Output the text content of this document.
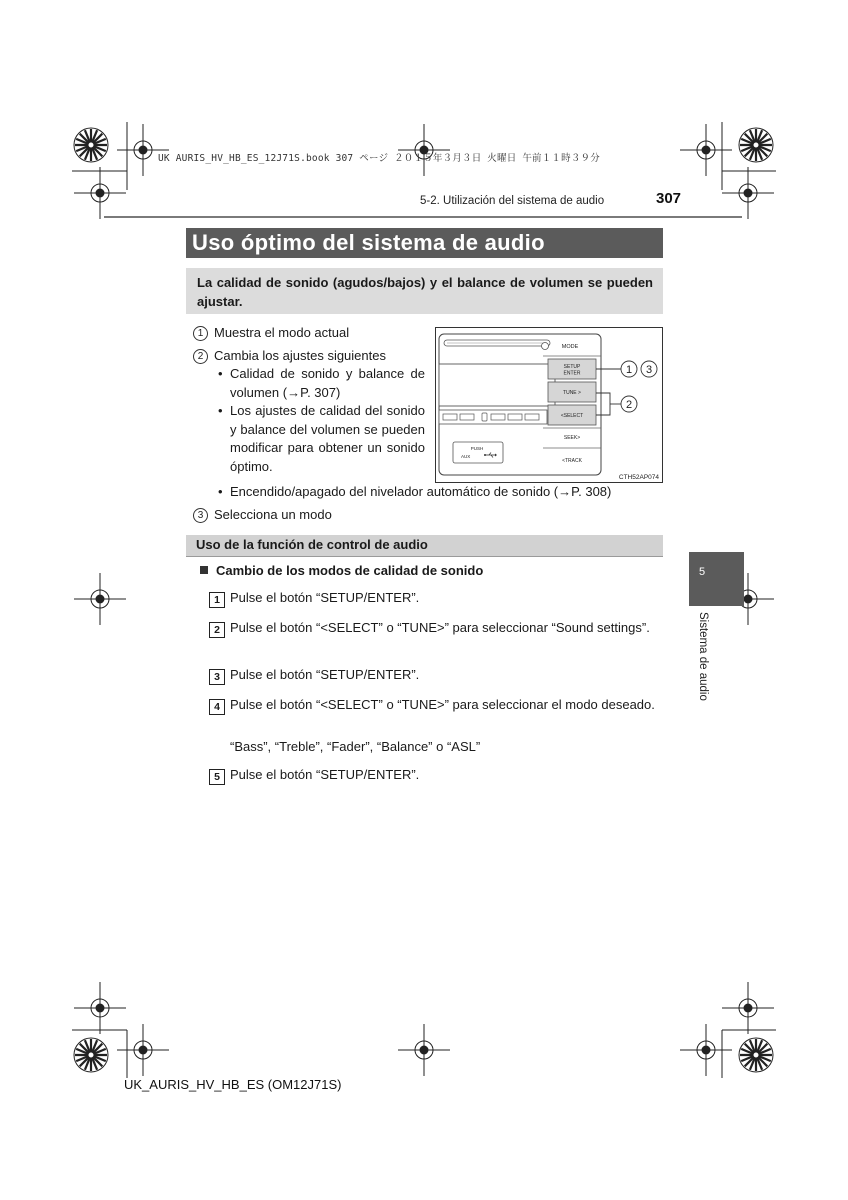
UK AURIS_HV_HB_ES_12J71S.book 307 ページ ２０１５年３月３日 火曜日 午前１１時３９分
5-2. Utilización del sistema de audio	307
Uso óptimo del sistema de audio
La calidad de sonido (agudos/bajos) y el balance de volumen se pueden ajustar.
1 Muestra el modo actual
2 Cambia los ajustes siguientes
• Calidad de sonido y balance de volumen (→P. 307)
• Los ajustes de calidad del sonido y balance del volumen se pueden modificar para obtener un sonido óptimo.
• Encendido/apagado del nivelador automático de sonido (→P. 308)
3 Selecciona un modo
PUSH
AUX
MODE
SETUP
ENTER
TUNE >
<SELECT
SEEK>
<TRACK
1 3
2
CTH52AP074
Uso de la función de control de audio
Cambio de los modos de calidad de sonido
1 Pulse el botón “SETUP/ENTER”.
2 Pulse el botón “<SELECT” o “TUNE>” para seleccionar “Sound settings”.
3 Pulse el botón “SETUP/ENTER”.
4 Pulse el botón “<SELECT” o “TUNE>” para seleccionar el modo deseado.
“Bass”, “Treble”, “Fader”, “Balance” o “ASL”
5 Pulse el botón “SETUP/ENTER”.
5
Sistema de audio
UK_AURIS_HV_HB_ES (OM12J71S)
